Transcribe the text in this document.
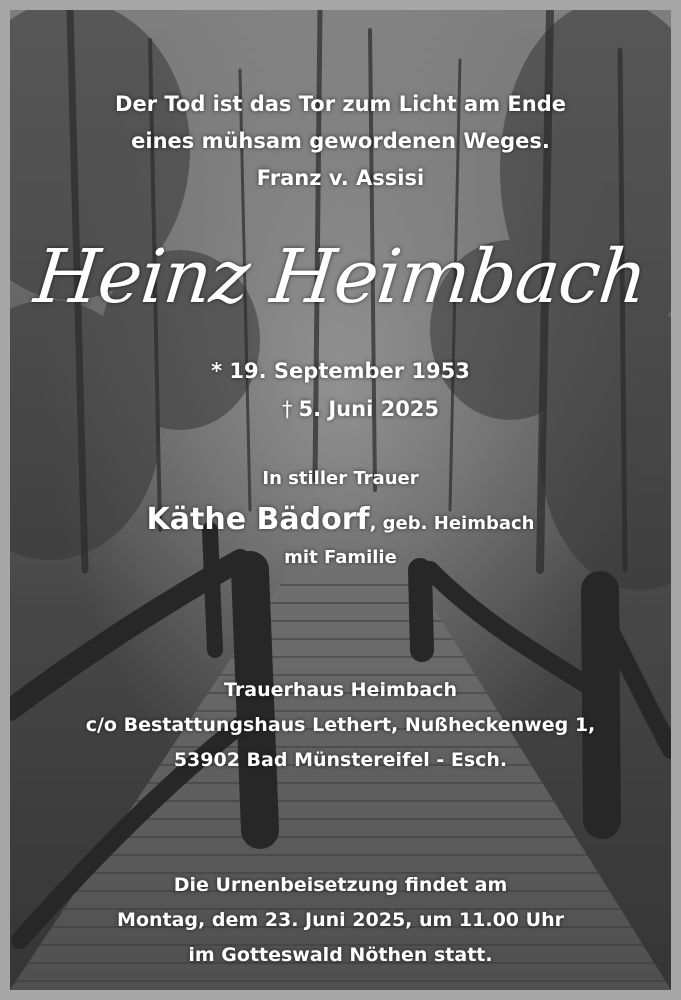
Der Tod ist das Tor zum Licht am Ende
eines mühsam gewordenen Weges.
Franz v. Assisi
Heinz Heimbach
* 19. September 1953
† 5. Juni 2025
In stiller Trauer
Käthe Bädorf, geb. Heimbach
mit Familie
Trauerhaus Heimbach
c/o Bestattungshaus Lethert, Nußheckenweg 1,
53902 Bad Münstereifel - Esch.
Die Urnenbeisetzung findet am
Montag, dem 23. Juni 2025, um 11.00 Uhr
im Gotteswald Nöthen statt.
